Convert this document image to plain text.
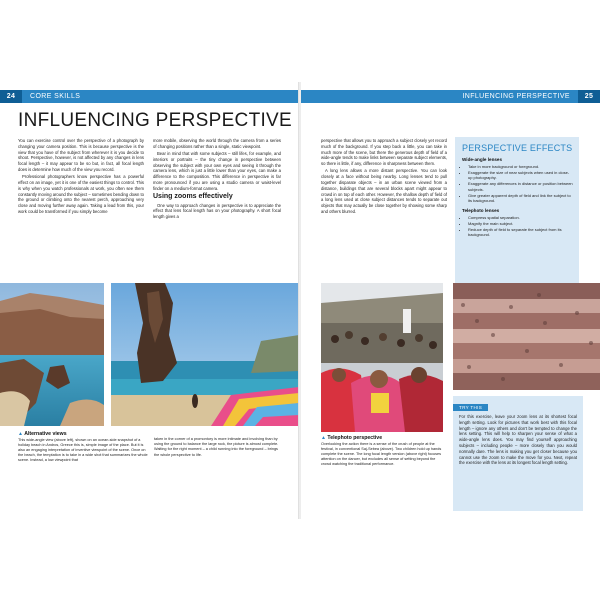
24	CORE SKILLS
INFLUENCING PERSPECTIVE

You can exercise control over the perspective of a photograph by changing your camera position. This is because perspective is the view that you have of the subject from wherever it is you decide to shoot. Perspective, however, is not affected by any changes in lens focal length – it may appear to be so but, in fact, all focal length does is determine how much of the view you record.

Professional photographers know perspective has a powerful effect on an image, yet it is one of the easiest things to control. This is why when you watch professionals at work, you often see them constantly moving around the subject – sometimes bending down to the ground or climbing onto the nearest perch, approaching very close and moving further away again. Taking a lead from this, your work could be transformed if you simply become

more mobile, observing the world through the camera from a series of changing positions rather than a single, static viewpoint.

Bear in mind that with some subjects – still lifes, for example, and interiors or portraits – the tiny change in perspective between observing the subject with your own eyes and seeing it through the camera lens, which is just a little lower than your eyes, can make a difference to the composition. This difference in perspective is far more pronounced if you are using a studio camera or waist-level finder on a medium-format camera.

Using zooms effectively

One way to approach changes in perspective is to appreciate the effect that lens focal length has on your photography. A short focal length gives a

▲ Alternative views
This wide-angle view (above left), shown on an ocean-side snapshot of a holiday beach in Andros, Greece this is, simple image of the place. But it is also an engaging interpretation of inventive viewpoint of the scene. Once on the beach, the temptation is to take in a wide shot that summarizes the whole scene. Instead, a low viewpoint that
taken in the corner of a promontory is more intimate and involving than by using the ground to balance the large rock, the picture is almost complete. Waiting for the right moment – a child running into the foreground – brings the whole perspective to life.
INFLUENCING PERSPECTIVE	25

perspective that allows you to approach a subject closely yet record much of the background. If you step back a little, you can take in much more of the scene, but there the generous depth of field of a wide-angle tends to make links between separate subject elements, so there is little, if any, difference in sharpness between them.

A long lens allows a more distant perspective. You can look closely at a face without being nearby. Long lenses tend to pull together disparate objects – in an urban scene viewed from a distance, buildings that are several blocks apart might appear to crowd in on top of each other. However, the shallow depth of field of a long lens used at close subject distances tends to separate out objects that may actually be close together by showing some sharp and others blurred.

PERSPECTIVE EFFECTS
Wide-angle lenses
• Take in more background or foreground.
• Exaggerate the size of near subjects when used in close-up photography.
• Exaggerate any differences in distance or position between subjects.
• Give greater apparent depth of field and link the subject to its background.
Telephoto lenses
• Compress spatial separation.
• Magnify the main subject.
• Reduce depth of field to separate the subject from its background.
▲ Telephoto perspective
Overlooking the action there is a sense of the crush of people at the festival, in conventional Saj-Sebea (above). Two children hold up hands complete the scene. The long focal length version (above right) focuses attention on the dancer, but excludes all sense of setting beyond the crowd watching the traditional performance.
TRY THIS
For this exercise, leave your zoom lens at its shortest focal length setting. Look for pictures that work best with this focal length – ignore any others and don't be tempted to change the lens setting. This will help to sharpen your sense of what a wide-angle lens does. You may find yourself approaching subjects – including people – more closely than you would normally dare. The lens is making you get closer because you cannot use the zoom to make the move for you. Next, repeat the exercise with the lens at its longest focal length setting.
